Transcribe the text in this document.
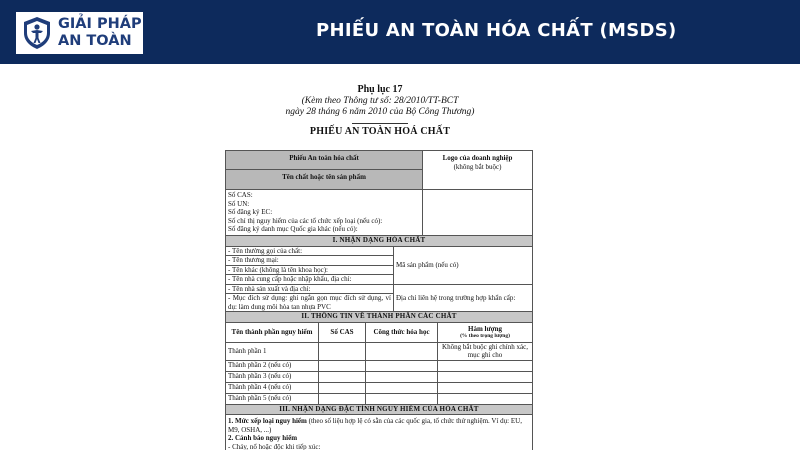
GIẢI PHÁP
AN TOÀN	PHIẾU AN TOÀN HÓA CHẤT (MSDS)
Phụ lục 17
(Kèm theo Thông tư số: 28/2010/TT-BCT
ngày 28 tháng 6 năm 2010 của Bộ Công Thương)
PHIẾU AN TOÀN HOÁ CHẤT
Phiếu An toàn hóa chất	Logo của doanh nghiệp
(không bắt buộc)

Tên chất hoặc tên sản phẩm	

Số CAS:
Số UN:
Số đăng ký EC:
Số chỉ thị nguy hiểm của các tổ chức xếp loại (nếu có):
Số đăng ký danh mục Quốc gia khác (nếu có):	

I. NHẬN DẠNG HÓA CHẤT	
- Tên thường gọi của chất:	Mã sản phẩm (nếu có)
- Tên thương mại:	
- Tên khác (không là tên khoa học):	
- Tên nhà cung cấp hoặc nhập khẩu, địa chỉ:	
- Tên nhà sản xuất và địa chỉ:	Địa chỉ liên hệ trong trường hợp khẩn cấp:
- Mục đích sử dụng: ghi ngắn gọn mục đích sử dụng, ví dụ: làm dung môi hòa tan nhựa PVC	
II. THÔNG TIN VỀ THÀNH PHẦN CÁC CHẤT			
Tên thành phần nguy hiểm	Số CAS	Công thức hóa học	Hàm lượng
(% theo trọng lượng)

Thành phần 1			Không bắt buộc ghi chính xác, mục ghi cho
Thành phần 2 (nếu có)			
Thành phần 3 (nếu có)			
Thành phần 4 (nếu có)			
Thành phần 5 (nếu có)			
III. NHẬN DẠNG ĐẶC TÍNH NGUY HIỂM CỦA HÓA CHẤT

1. Mức xếp loại nguy hiểm (theo số liệu hợp lệ có sẵn của các quốc gia, tổ chức thử nghiệm. Ví dụ: EU, M9, OSHA, ...)
2. Cảnh báo nguy hiểm
- Cháy, nổ hoặc độc khi tiếp xúc:
